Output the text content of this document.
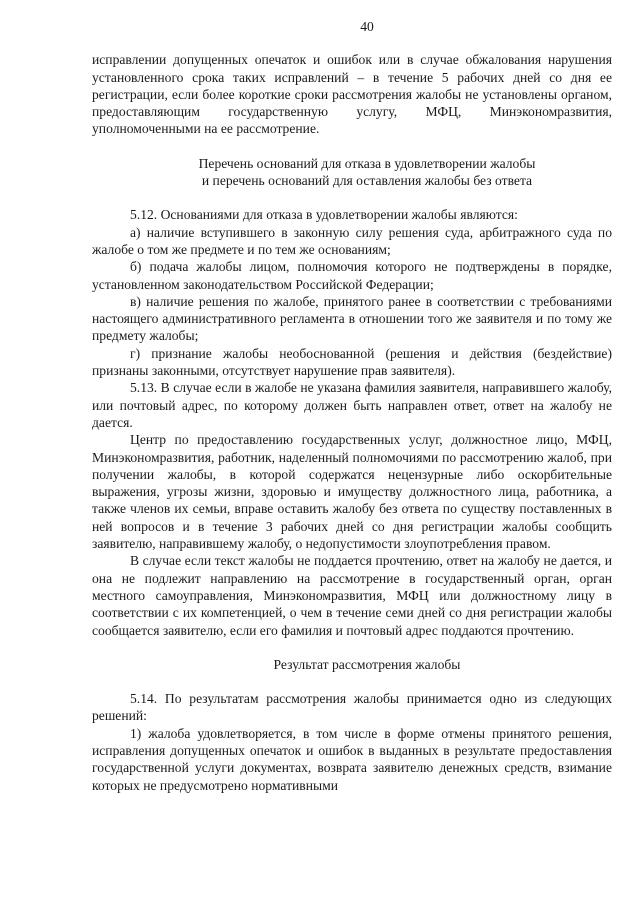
40

исправлении допущенных опечаток и ошибок или в случае обжалования нарушения установленного срока таких исправлений – в течение 5 рабочих дней со дня ее регистрации, если более короткие сроки рассмотрения жалобы не установлены органом, предоставляющим государственную услугу, МФЦ, Минэкономразвития, уполномоченными на ее рассмотрение.

Перечень оснований для отказа в удовлетворении жалобы
и перечень оснований для оставления жалобы без ответа

5.12. Основаниями для отказа в удовлетворении жалобы являются:

а) наличие вступившего в законную силу решения суда, арбитражного суда по жалобе о том же предмете и по тем же основаниям;

б) подача жалобы лицом, полномочия которого не подтверждены в порядке, установленном законодательством Российской Федерации;

в) наличие решения по жалобе, принятого ранее в соответствии с требованиями настоящего административного регламента в отношении того же заявителя и по тому же предмету жалобы;

г) признание жалобы необоснованной (решения и действия (бездействие) признаны законными, отсутствует нарушение прав заявителя).

5.13. В случае если в жалобе не указана фамилия заявителя, направившего жалобу, или почтовый адрес, по которому должен быть направлен ответ, ответ на жалобу не дается.

Центр по предоставлению государственных услуг, должностное лицо, МФЦ, Минэкономразвития, работник, наделенный полномочиями по рассмотрению жалоб, при получении жалобы, в которой содержатся нецензурные либо оскорбительные выражения, угрозы жизни, здоровью и имуществу должностного лица, работника, а также членов их семьи, вправе оставить жалобу без ответа по существу поставленных в ней вопросов и в течение 3 рабочих дней со дня регистрации жалобы сообщить заявителю, направившему жалобу, о недопустимости злоупотребления правом.

В случае если текст жалобы не поддается прочтению, ответ на жалобу не дается, и она не подлежит направлению на рассмотрение в государственный орган, орган местного самоуправления, Минэкономразвития, МФЦ или должностному лицу в соответствии с их компетенцией, о чем в течение семи дней со дня регистрации жалобы сообщается заявителю, если его фамилия и почтовый адрес поддаются прочтению.

Результат рассмотрения жалобы

5.14. По результатам рассмотрения жалобы принимается одно из следующих решений:

1) жалоба удовлетворяется, в том числе в форме отмены принятого решения, исправления допущенных опечаток и ошибок в выданных в результате предоставления государственной услуги документах, возврата заявителю денежных средств, взимание которых не предусмотрено нормативными
